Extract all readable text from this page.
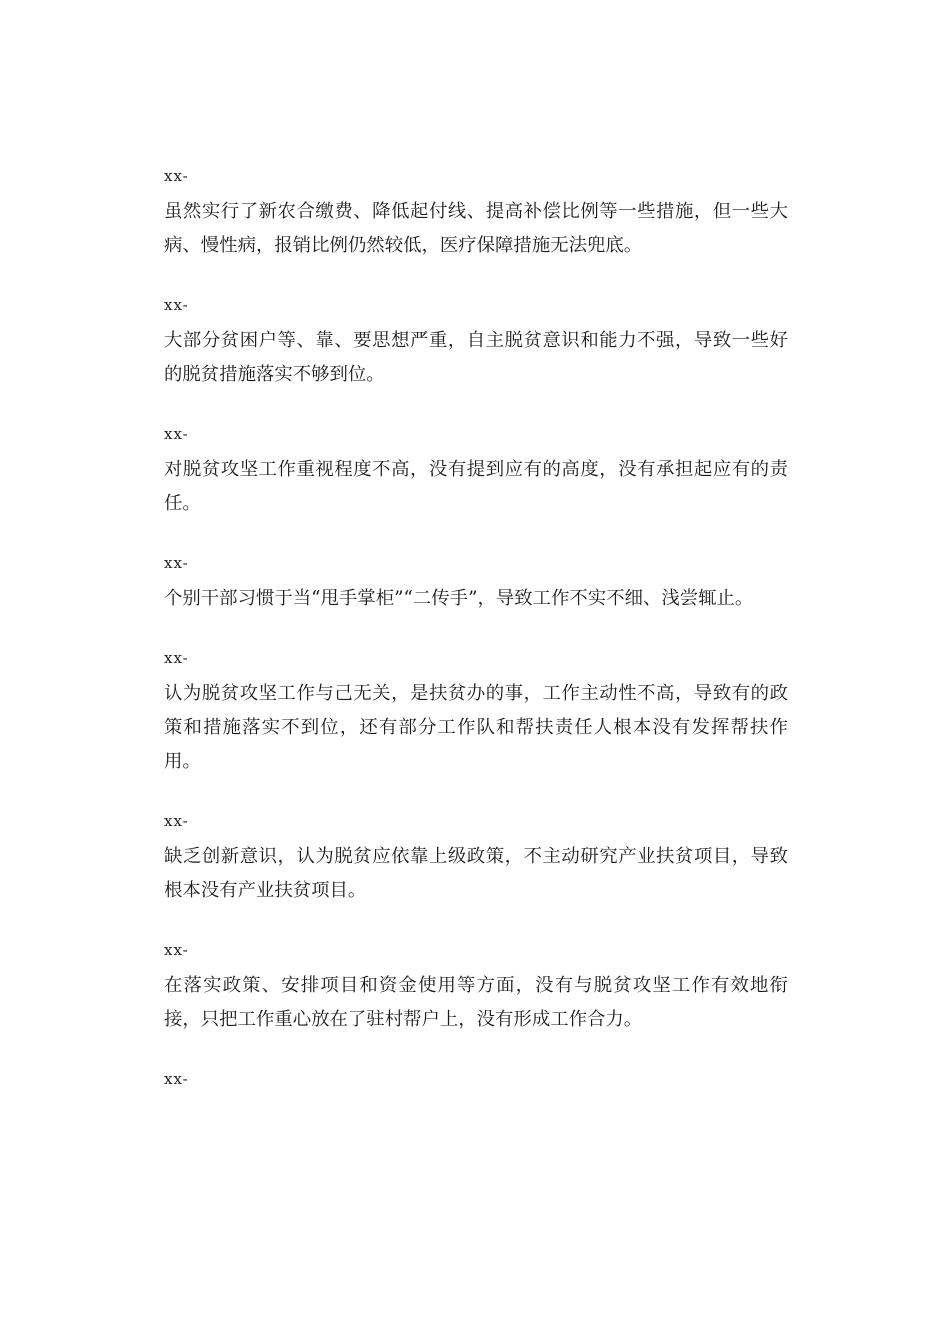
xx-

虽然实行了新农合缴费、降低起付线、提高补偿比例等一些措施，但一些大病、慢性病，报销比例仍然较低，医疗保障措施无法兜底。

xx-

大部分贫困户等、靠、要思想严重，自主脱贫意识和能力不强，导致一些好的脱贫措施落实不够到位。

xx-

对脱贫攻坚工作重视程度不高，没有提到应有的高度，没有承担起应有的责任。

xx-

个别干部习惯于当“甩手掌柜”“二传手”，导致工作不实不细、浅尝辄止。

xx-

认为脱贫攻坚工作与己无关，是扶贫办的事，工作主动性不高，导致有的政策和措施落实不到位，还有部分工作队和帮扶责任人根本没有发挥帮扶作用。

xx-

缺乏创新意识，认为脱贫应依靠上级政策，不主动研究产业扶贫项目，导致根本没有产业扶贫项目。

xx-

在落实政策、安排项目和资金使用等方面，没有与脱贫攻坚工作有效地衔接，只把工作重心放在了驻村帮户上，没有形成工作合力。

xx-
